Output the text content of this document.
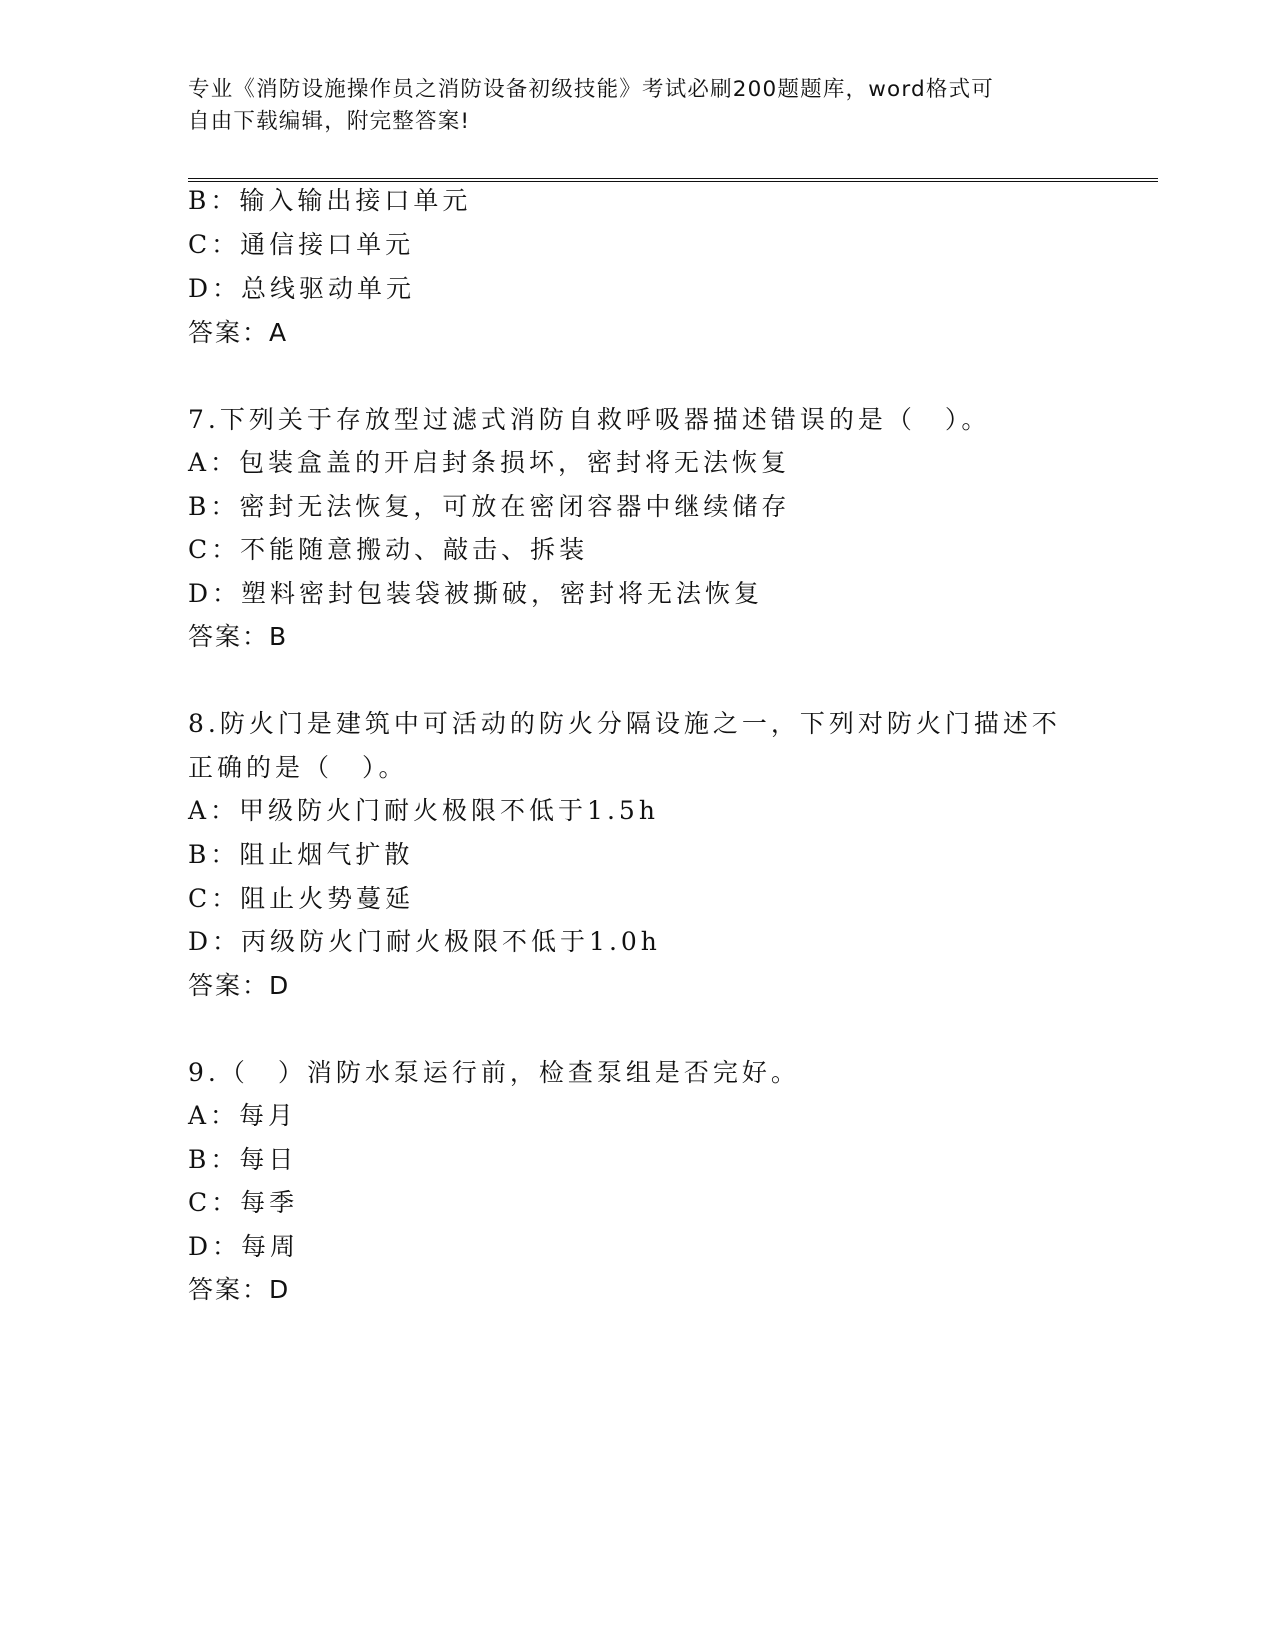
专业《消防设施操作员之消防设备初级技能》考试必刷200题题库，word格式可
自由下载编辑，附完整答案!
B：输入输出接口单元
C：通信接口单元
D：总线驱动单元
答案：A
7.下列关于存放型过滤式消防自救呼吸器描述错误的是（　）。
A：包装盒盖的开启封条损坏，密封将无法恢复
B：密封无法恢复，可放在密闭容器中继续储存
C：不能随意搬动、敲击、拆装
D：塑料密封包装袋被撕破，密封将无法恢复
答案：B
8.防火门是建筑中可活动的防火分隔设施之一，下列对防火门描述不
正确的是（　）。
A：甲级防火门耐火极限不低于1.5h
B：阻止烟气扩散
C：阻止火势蔓延
D：丙级防火门耐火极限不低于1.0h
答案：D
9.（　）消防水泵运行前，检查泵组是否完好。
A：每月
B：每日
C：每季
D：每周
答案：D
